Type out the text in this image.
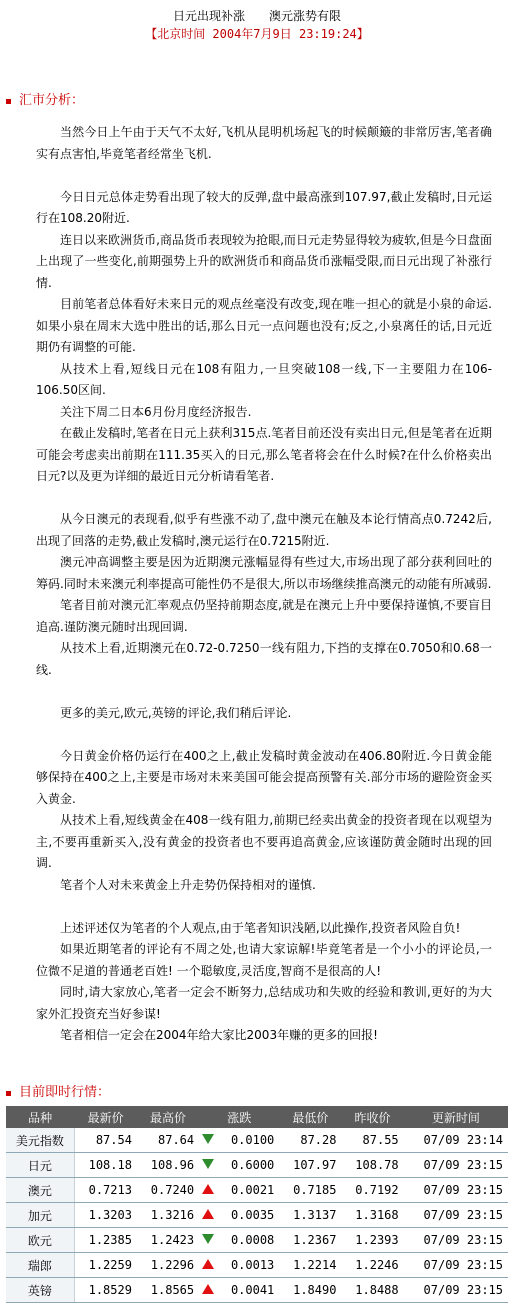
日元出现补涨　　澳元涨势有限
【北京时间 2004年7月9日 23:19:24】
汇市分析：

当然今日上午由于天气不太好,飞机从昆明机场起飞的时候颠簸的非常厉害,笔者确实有点害怕,毕竟笔者经常坐飞机.

今日日元总体走势看出现了较大的反弹,盘中最高涨到107.97,截止发稿时,日元运行在108.20附近.

连日以来欧洲货币,商品货币表现较为抢眼,而日元走势显得较为疲软,但是今日盘面上出现了一些变化,前期强势上升的欧洲货币和商品货币涨幅受限,而日元出现了补涨行情.

目前笔者总体看好未来日元的观点丝毫没有改变,现在唯一担心的就是小泉的命运.如果小泉在周末大选中胜出的话,那么日元一点问题也没有;反之,小泉离任的话,日元近期仍有调整的可能.

从技术上看,短线日元在108有阻力,一旦突破108一线,下一主要阻力在106-106.50区间.

关注下周二日本6月份月度经济报告.

在截止发稿时,笔者在日元上获利315点.笔者目前还没有卖出日元,但是笔者在近期可能会考虑卖出前期在111.35买入的日元,那么笔者将会在什么时候?在什么价格卖出日元?以及更为详细的最近日元分析请看笔者.

从今日澳元的表现看,似乎有些涨不动了,盘中澳元在触及本论行情高点0.7242后,出现了回落的走势,截止发稿时,澳元运行在0.7215附近.

澳元冲高调整主要是因为近期澳元涨幅显得有些过大,市场出现了部分获利回吐的筹码.同时未来澳元利率提高可能性仍不是很大,所以市场继续推高澳元的动能有所减弱.

笔者目前对澳元汇率观点仍坚持前期态度,就是在澳元上升中要保持谨慎,不要盲目追高.谨防澳元随时出现回调.

从技术上看,近期澳元在0.72-0.7250一线有阻力,下挡的支撑在0.7050和0.68一线.

更多的美元,欧元,英镑的评论,我们稍后评论.

今日黄金价格仍运行在400之上,截止发稿时黄金波动在406.80附近.今日黄金能够保持在400之上,主要是市场对未来美国可能会提高预警有关.部分市场的避险资金买入黄金.

从技术上看,短线黄金在408一线有阻力,前期已经卖出黄金的投资者现在以观望为主,不要再重新买入,没有黄金的投资者也不要再追高黄金,应该谨防黄金随时出现的回调.

笔者个人对未来黄金上升走势仍保持相对的谨慎.

上述评述仅为笔者的个人观点,由于笔者知识浅陋,以此操作,投资者风险自负!

如果近期笔者的评论有不周之处,也请大家谅解!毕竟笔者是一个小小的评论员,一位微不足道的普通老百姓! 一个聪敏度,灵活度,智商不是很高的人!

同时,请大家放心,笔者一定会不断努力,总结成功和失败的经验和教训,更好的为大家外汇投资充当好参谋!

笔者相信一定会在2004年给大家比2003年赚的更多的回报!

目前即时行情：
品种	最新价	最高价	涨跌		最低价	昨收价	更新时间
美元指数	87.54	87.64		0.0100	87.28	87.55	07/09 23:14
日元	108.18	108.96		0.6000	107.97	108.78	07/09 23:15
澳元	0.7213	0.7240		0.0021	0.7185	0.7192	07/09 23:15
加元	1.3203	1.3216		0.0035	1.3137	1.3168	07/09 23:15
欧元	1.2385	1.2423		0.0008	1.2367	1.2393	07/09 23:15
瑞郎	1.2259	1.2296		0.0013	1.2214	1.2246	07/09 23:15
英镑	1.8529	1.8565		0.0041	1.8490	1.8488	07/09 23:15
